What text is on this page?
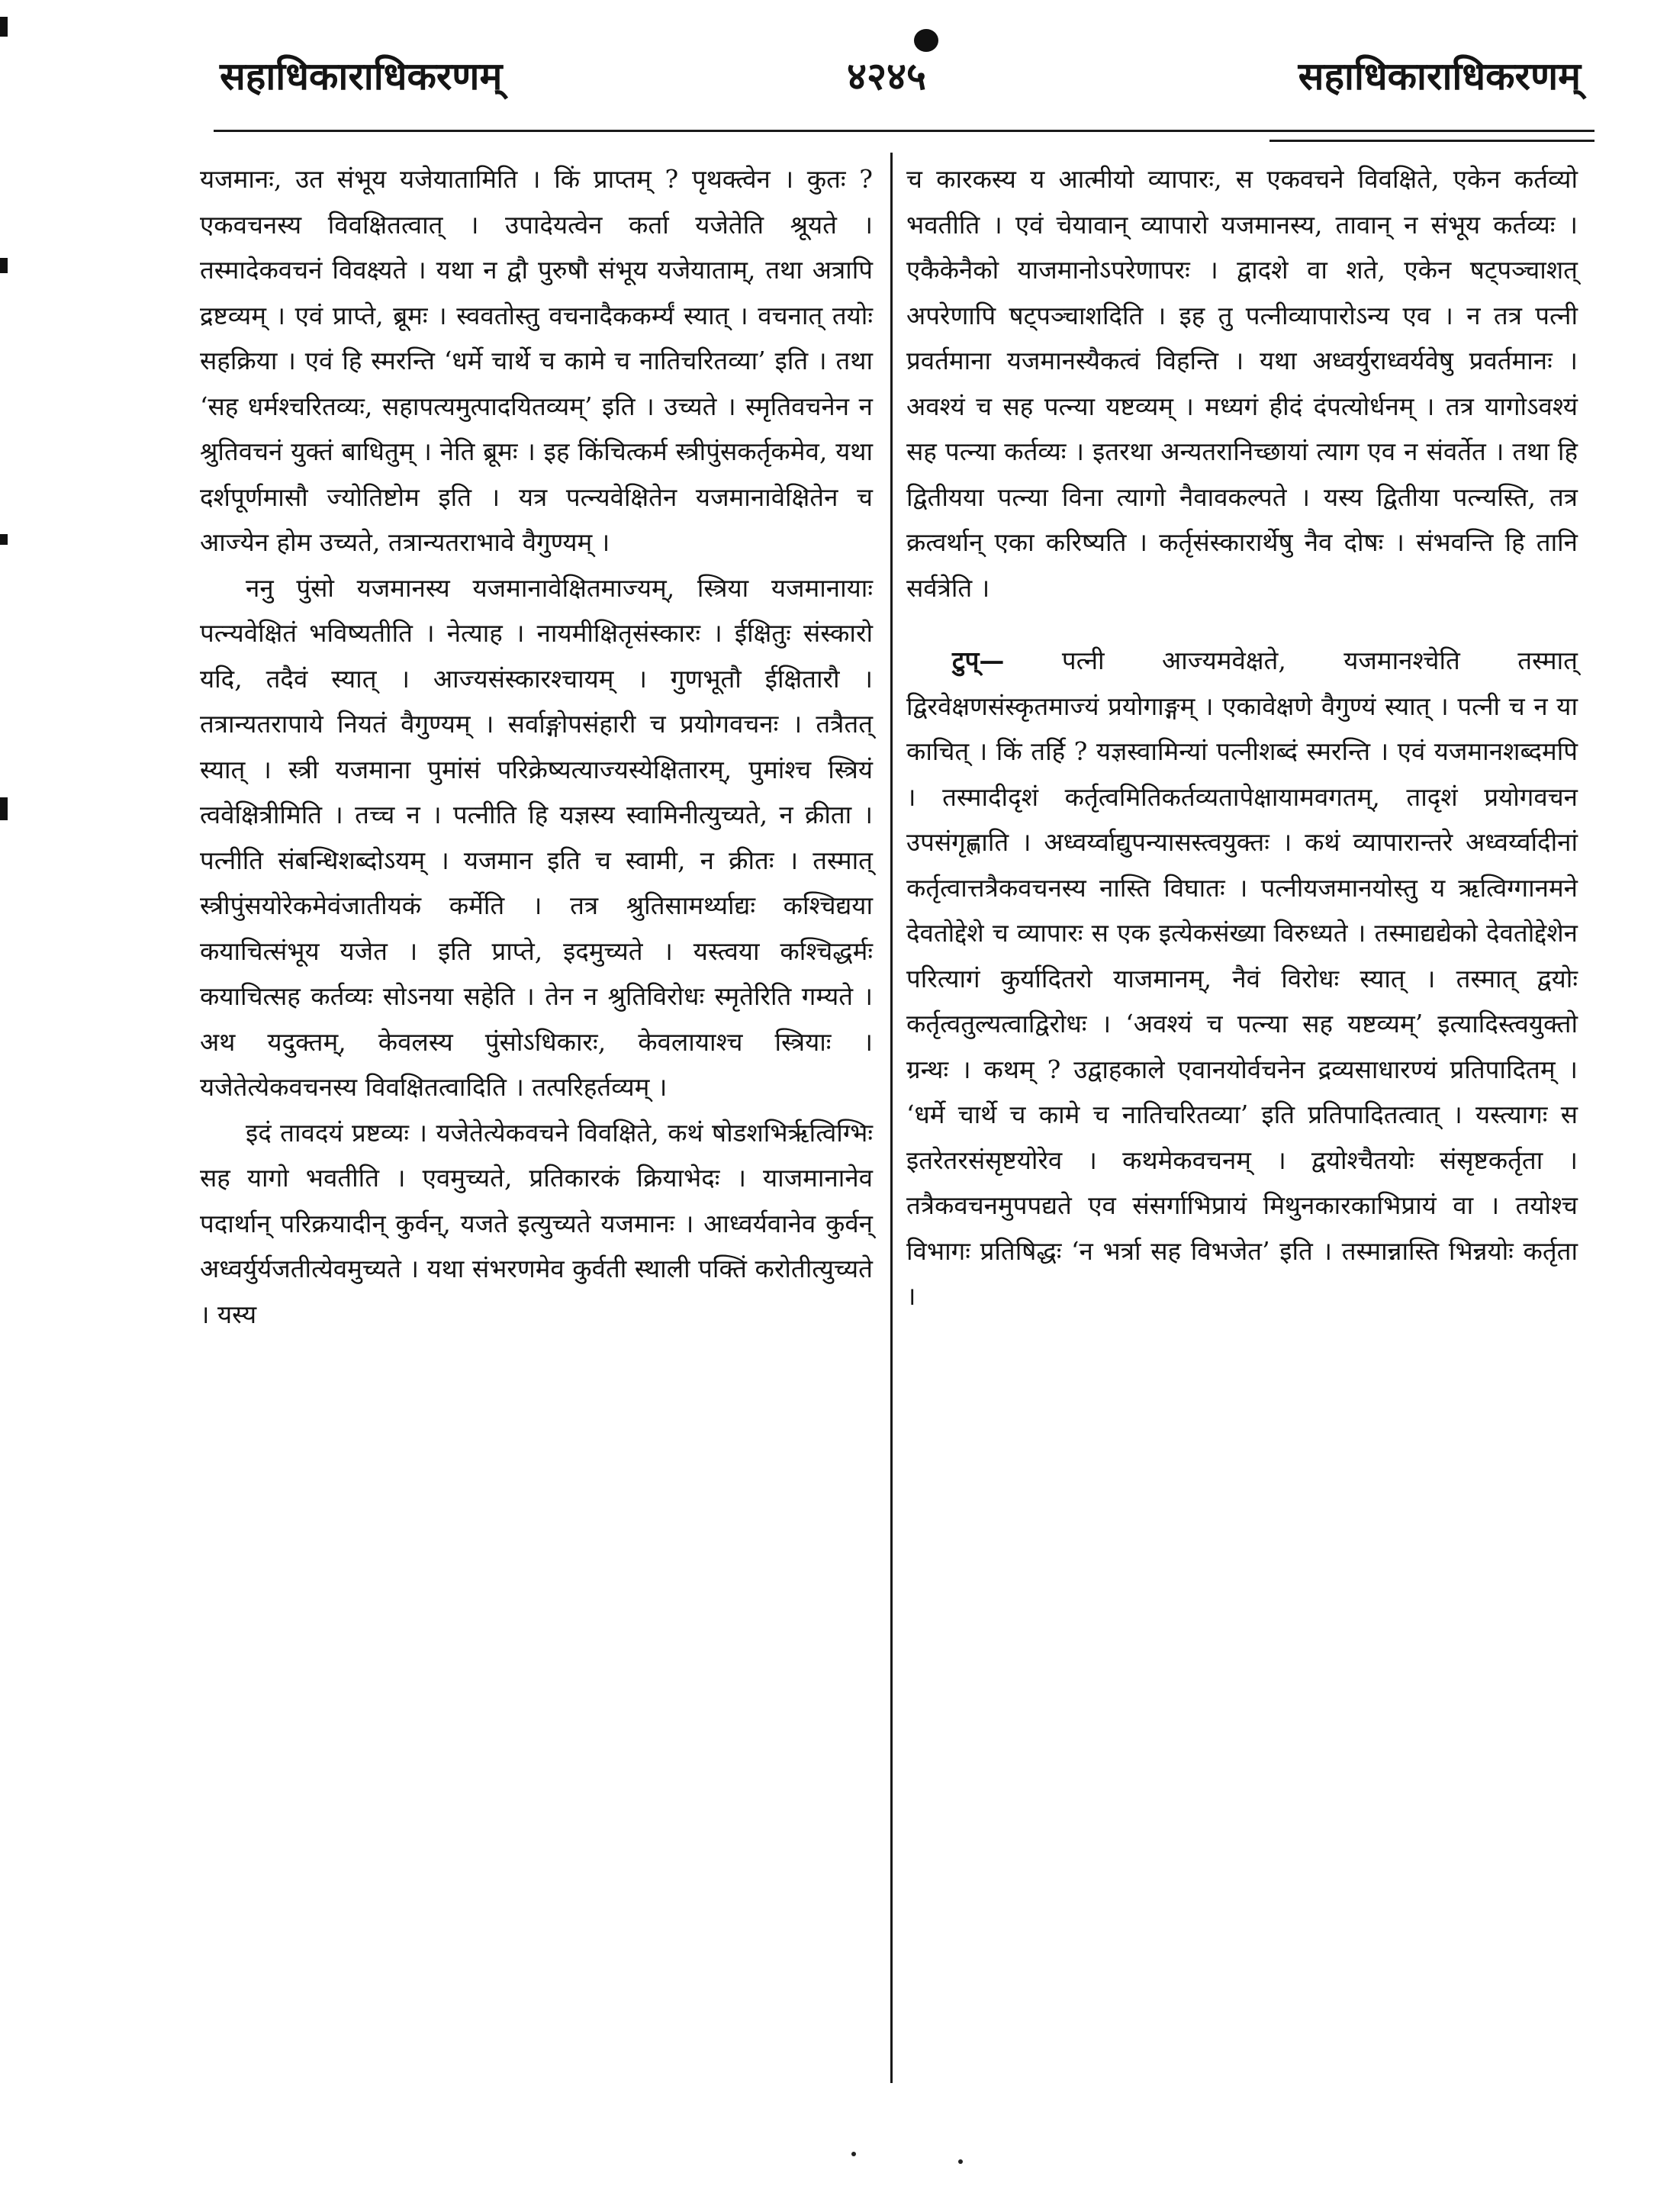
सहाधिकाराधिकरणम्	४२४५	सहाधिकाराधिकरणम्

यजमानः, उत संभूय यजेयातामिति । किं प्राप्तम् ? पृथक्त्वेन । कुतः ? एकवचनस्य विवक्षितत्वात् । उपादेयत्वेन कर्ता यजेतेति श्रूयते । तस्मादेकवचनं विवक्ष्यते । यथा न द्वौ पुरुषौ संभूय यजेयाताम्, तथा अत्रापि द्रष्टव्यम् । एवं प्राप्ते, ब्रूमः । स्ववतोस्तु वचनादैककर्म्यं स्यात् । वचनात् तयोः सहक्रिया । एवं हि स्मरन्ति ‘धर्मे चार्थे च कामे च नातिचरितव्या’ इति । तथा ‘सह धर्मश्चरितव्यः, सहापत्यमुत्पादयितव्यम्’ इति । उच्यते । स्मृतिवचनेन न श्रुतिवचनं युक्तं बाधितुम् । नेति ब्रूमः । इह किंचित्कर्म स्त्रीपुंसकर्तृकमेव, यथा दर्शपूर्णमासौ ज्योतिष्टोम इति । यत्र पत्न्यवेक्षितेन यजमानावेक्षितेन च आज्येन होम उच्यते, तत्रान्यतराभावे वैगुण्यम् ।

ननु पुंसो यजमानस्य यजमानावेक्षितमाज्यम्, स्त्रिया यजमानायाः पत्न्यवेक्षितं भविष्यतीति । नेत्याह । नायमीक्षितृसंस्कारः । ईक्षितुः संस्कारो यदि, तदैवं स्यात् । आज्यसंस्कारश्चायम् । गुणभूतौ ईक्षितारौ । तत्रान्यतरापाये नियतं वैगुण्यम् । सर्वाङ्गोपसंहारी च प्रयोगवचनः । तत्रैतत् स्यात् । स्त्री यजमाना पुमांसं परिक्रेष्यत्याज्यस्येक्षितारम्, पुमांश्च स्त्रियं त्ववेक्षित्रीमिति । तच्च न । पत्नीति हि यज्ञस्य स्वामिनीत्युच्यते, न क्रीता । पत्नीति संबन्धिशब्दोऽयम् । यजमान इति च स्वामी, न क्रीतः । तस्मात् स्त्रीपुंसयोरेकमेवंजातीयकं कर्मेति । तत्र श्रुतिसामर्थ्याद्यः कश्चिद्यया कयाचित्संभूय यजेत । इति प्राप्ते, इदमुच्यते । यस्त्वया कश्चिद्धर्मः कयाचित्सह कर्तव्यः सोऽनया सहेति । तेन न श्रुतिविरोधः स्मृतेरिति गम्यते । अथ यदुक्तम्, केवलस्य पुंसोऽधिकारः, केवलायाश्च स्त्रियाः । यजेतेत्येकवचनस्य विवक्षितत्वादिति । तत्परिहर्तव्यम् ।

इदं तावदयं प्रष्टव्यः । यजेतेत्येकवचने विवक्षिते, कथं षोडशभिर्ऋत्विग्भिः सह यागो भवतीति । एवमुच्यते, प्रतिकारकं क्रियाभेदः । याजमानानेव पदार्थान् परिक्रयादीन् कुर्वन्, यजते इत्युच्यते यजमानः । आध्वर्यवानेव कुर्वन् अध्वर्युर्यजतीत्येवमुच्यते । यथा संभरणमेव कुर्वती स्थाली पक्तिं करोतीत्युच्यते । यस्य

च कारकस्य य आत्मीयो व्यापारः, स एकवचने विवक्षिते, एकेन कर्तव्यो भवतीति । एवं चेयावान् व्यापारो यजमानस्य, तावान् न संभूय कर्तव्यः । एकैकेनैको याजमानोऽपरेणापरः । द्वादशे वा शते, एकेन षट्पञ्चाशत् अपरेणापि षट्पञ्चाशदिति । इह तु पत्नीव्यापारोऽन्य एव । न तत्र पत्नी प्रवर्तमाना यजमानस्यैकत्वं विहन्ति । यथा अध्वर्युराध्वर्यवेषु प्रवर्तमानः । अवश्यं च सह पत्न्या यष्टव्यम् । मध्यगं हीदं दंपत्योर्धनम् । तत्र यागोऽवश्यं सह पत्न्या कर्तव्यः । इतरथा अन्यतरानिच्छायां त्याग एव न संवर्तेत । तथा हि द्वितीयया पत्न्या विना त्यागो नैवावकल्पते । यस्य द्वितीया पत्न्यस्ति, तत्र क्रत्वर्थान् एका करिष्यति । कर्तृसंस्कारार्थेषु नैव दोषः । संभवन्ति हि तानि सर्वत्रेति ।

टुप्— पत्नी आज्यमवेक्षते, यजमानश्चेति तस्मात् द्विरवेक्षणसंस्कृतमाज्यं प्रयोगाङ्गम् । एकावेक्षणे वैगुण्यं स्यात् । पत्नी च न या काचित् । किं तर्हि ? यज्ञस्वामिन्यां पत्नीशब्दं स्मरन्ति । एवं यजमानशब्दमपि । तस्मादीदृशं कर्तृत्वमितिकर्तव्यतापेक्षायामवगतम्, तादृशं प्रयोगवचन उपसंगृह्णाति । अध्वर्य्वाद्युपन्यासस्त्वयुक्तः । कथं व्यापारान्तरे अध्वर्य्वादीनां कर्तृत्वात्तत्रैकवचनस्य नास्ति विघातः । पत्नीयजमानयोस्तु य ऋत्विग्गानमने देवतोद्देशे च व्यापारः स एक इत्येकसंख्या विरुध्यते । तस्माद्यद्येको देवतोद्देशेन परित्यागं कुर्यादितरो याजमानम्, नैवं विरोधः स्यात् । तस्मात् द्वयोः कर्तृत्वतुल्यत्वाद्विरोधः । ‘अवश्यं च पत्न्या सह यष्टव्यम्’ इत्यादिस्त्वयुक्तो ग्रन्थः । कथम् ? उद्वाहकाले एवानयोर्वचनेन द्रव्यसाधारण्यं प्रतिपादितम् । ‘धर्मे चार्थे च कामे च नातिचरितव्या’ इति प्रतिपादितत्वात् । यस्त्यागः स इतरेतरसंसृष्टयोरेव । कथमेकवचनम् । द्वयोश्चैतयोः संसृष्टकर्तृता । तत्रैकवचनमुपपद्यते एव संसर्गाभिप्रायं मिथुनकारकाभिप्रायं वा । तयोश्च विभागः प्रतिषिद्धः ‘न भर्त्रा सह विभजेत’ इति । तस्मान्नास्ति भिन्नयोः कर्तृता ।
